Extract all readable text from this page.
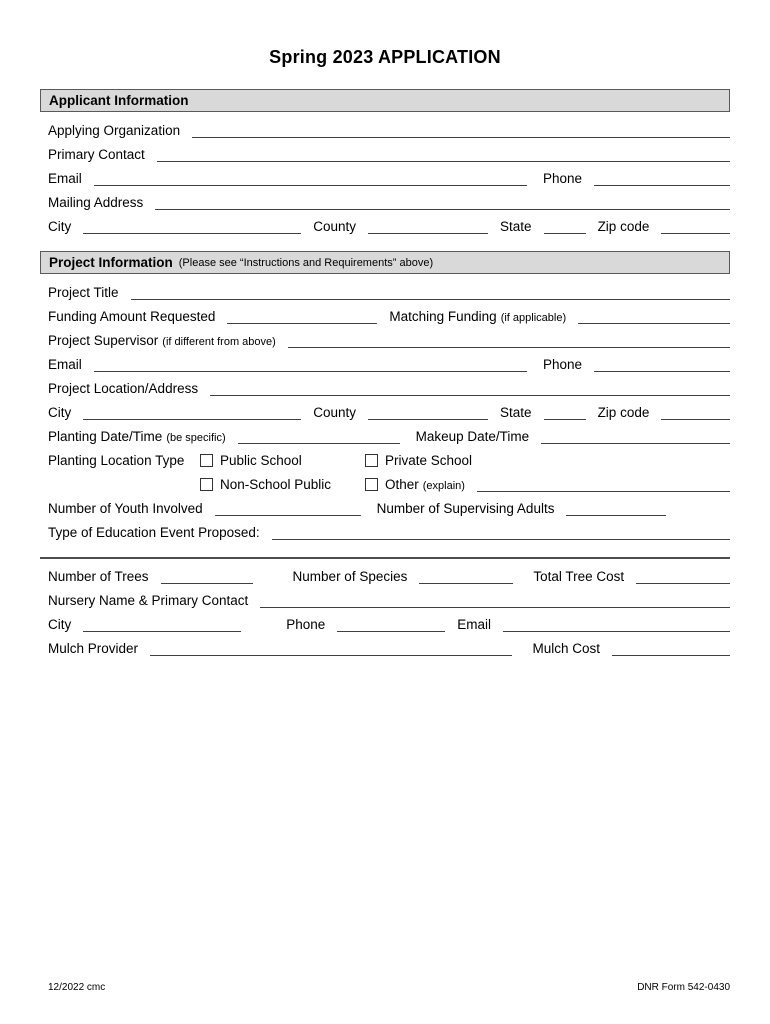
Spring 2023 APPLICATION
Applicant Information
Applying Organization
Primary Contact
Email	Phone
Mailing Address
City	County	State	Zip code
Project Information (Please see “Instructions and Requirements” above)
Project Title
Funding Amount Requested	Matching Funding (if applicable)
Project Supervisor (if different from above)
Email	Phone
Project Location/Address
City	County	State	Zip code
Planting Date/Time (be specific)	Makeup Date/Time
Planting Location Type	Public School	Private School
Non-School Public	Other (explain)
Number of Youth Involved	Number of Supervising Adults
Type of Education Event Proposed:
Number of Trees	Number of Species	Total Tree Cost
Nursery Name & Primary Contact
City	Phone	Email
Mulch Provider	Mulch Cost
12/2022 cmc	DNR Form 542-0430
